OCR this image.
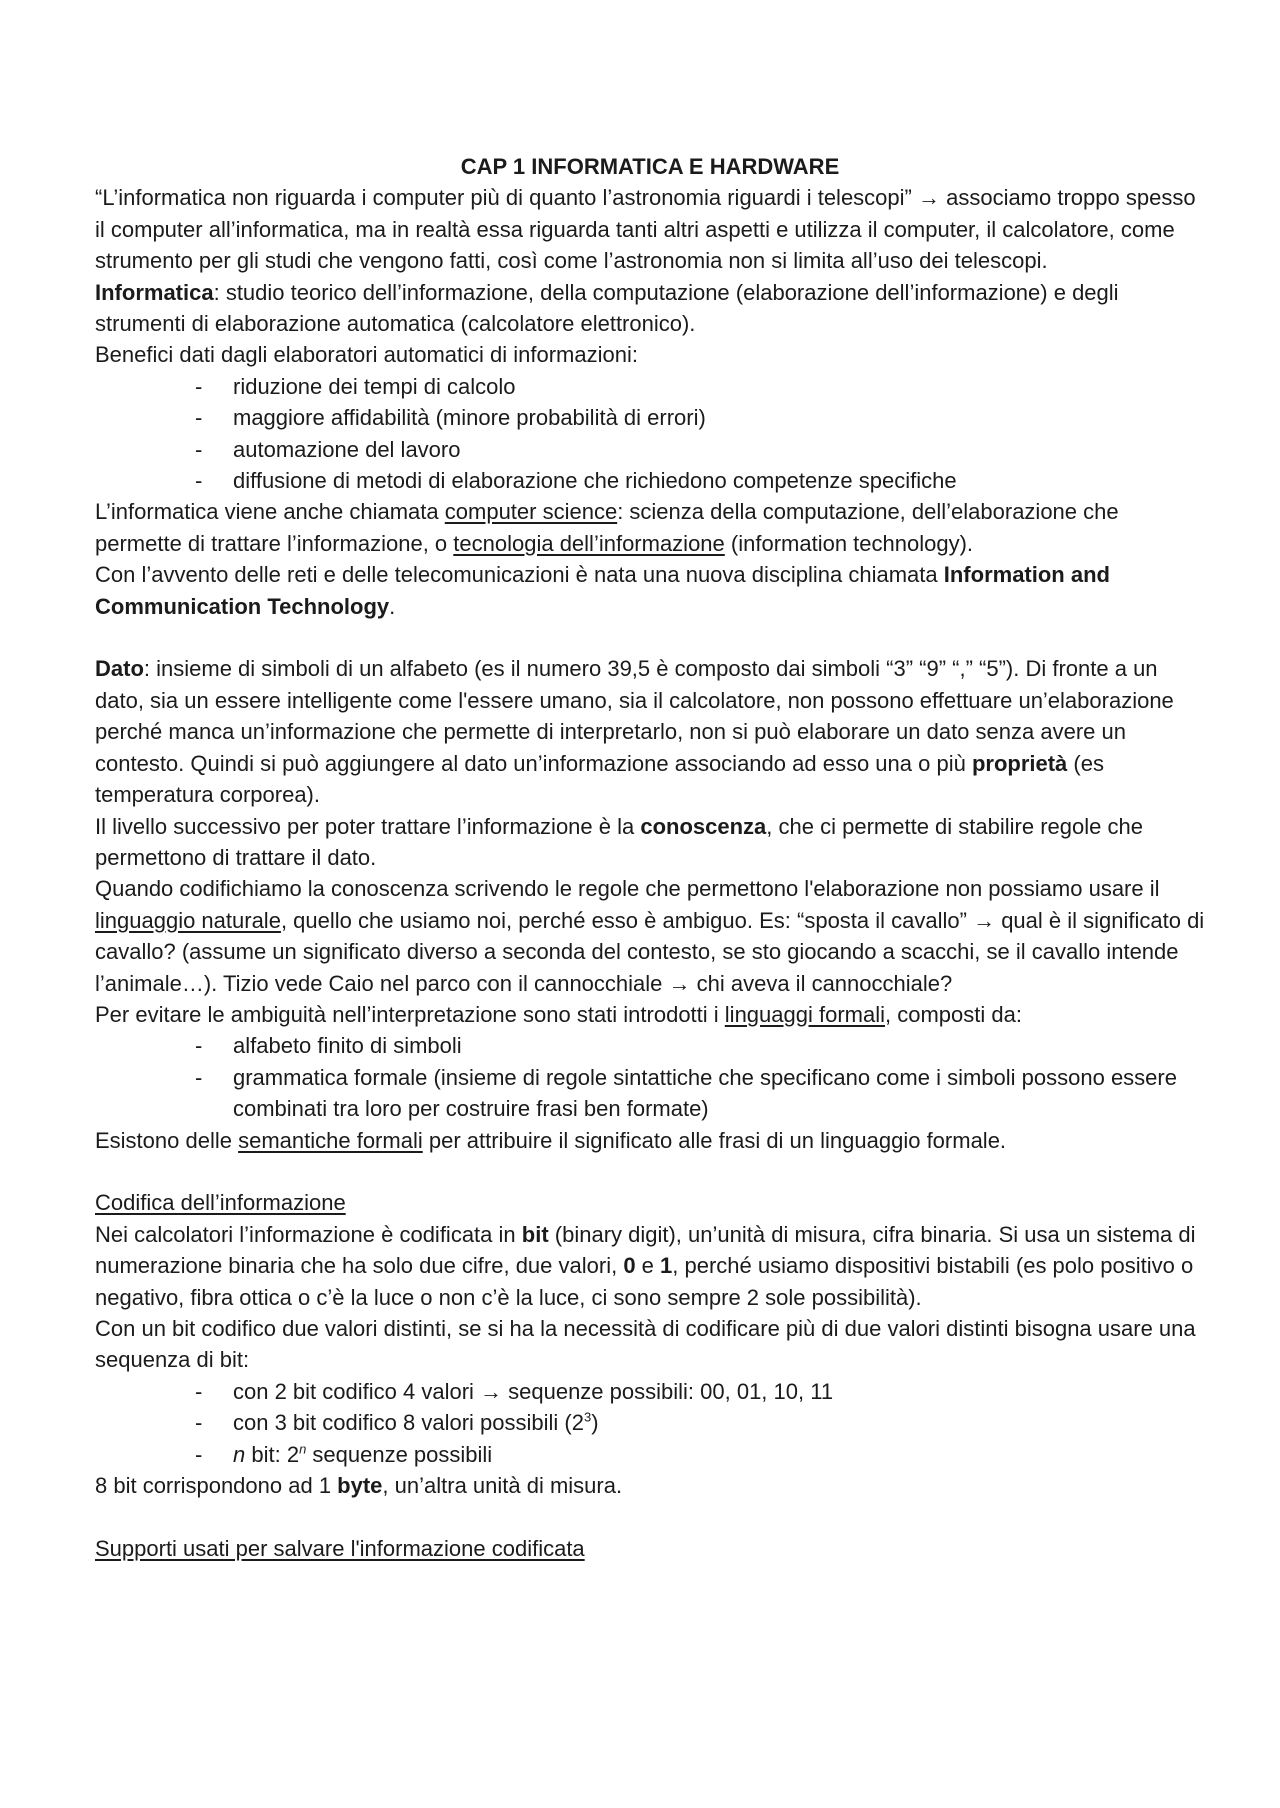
CAP 1 INFORMATICA E HARDWARE

“L’informatica non riguarda i computer più di quanto l’astronomia riguardi i telescopi” → associamo troppo spesso il computer all’informatica, ma in realtà essa riguarda tanti altri aspetti e utilizza il computer, il calcolatore, come strumento per gli studi che vengono fatti, così come l’astronomia non si limita all’uso dei telescopi.

Informatica: studio teorico dell’informazione, della computazione (elaborazione dell’informazione) e degli strumenti di elaborazione automatica (calcolatore elettronico).

Benefici dati dagli elaboratori automatici di informazioni:

- riduzione dei tempi di calcolo
- maggiore affidabilità (minore probabilità di errori)
- automazione del lavoro
- diffusione di metodi di elaborazione che richiedono competenze specifiche

L’informatica viene anche chiamata computer science: scienza della computazione, dell’elaborazione che permette di trattare l’informazione, o tecnologia dell’informazione (information technology).

Con l’avvento delle reti e delle telecomunicazioni è nata una nuova disciplina chiamata Information and Communication Technology.

Dato: insieme di simboli di un alfabeto (es il numero 39,5 è composto dai simboli “3” “9” “,” “5”). Di fronte a un dato, sia un essere intelligente come l'essere umano, sia il calcolatore, non possono effettuare un’elaborazione perché manca un’informazione che permette di interpretarlo, non si può elaborare un dato senza avere un contesto. Quindi si può aggiungere al dato un’informazione associando ad esso una o più proprietà (es temperatura corporea).

Il livello successivo per poter trattare l’informazione è la conoscenza, che ci permette di stabilire regole che permettono di trattare il dato.

Quando codifichiamo la conoscenza scrivendo le regole che permettono l'elaborazione non possiamo usare il linguaggio naturale, quello che usiamo noi, perché esso è ambiguo. Es: “sposta il cavallo” → qual è il significato di cavallo? (assume un significato diverso a seconda del contesto, se sto giocando a scacchi, se il cavallo intende l’animale…). Tizio vede Caio nel parco con il cannocchiale → chi aveva il cannocchiale?

Per evitare le ambiguità nell’interpretazione sono stati introdotti i linguaggi formali, composti da:

- alfabeto finito di simboli
- grammatica formale (insieme di regole sintattiche che specificano come i simboli possono essere combinati tra loro per costruire frasi ben formate)

Esistono delle semantiche formali per attribuire il significato alle frasi di un linguaggio formale.

Codifica dell’informazione

Nei calcolatori l’informazione è codificata in bit (binary digit), un’unità di misura, cifra binaria. Si usa un sistema di numerazione binaria che ha solo due cifre, due valori, 0 e 1, perché usiamo dispositivi bistabili (es polo positivo o negativo, fibra ottica o c’è la luce o non c’è la luce, ci sono sempre 2 sole possibilità).

Con un bit codifico due valori distinti, se si ha la necessità di codificare più di due valori distinti bisogna usare una sequenza di bit:

- con 2 bit codifico 4 valori → sequenze possibili: 00, 01, 10, 11
- con 3 bit codifico 8 valori possibili $(2^3)$
- n bit: 2$^n$ sequenze possibili

8 bit corrispondono ad 1 byte, un’altra unità di misura.

Supporti usati per salvare l'informazione codificata
